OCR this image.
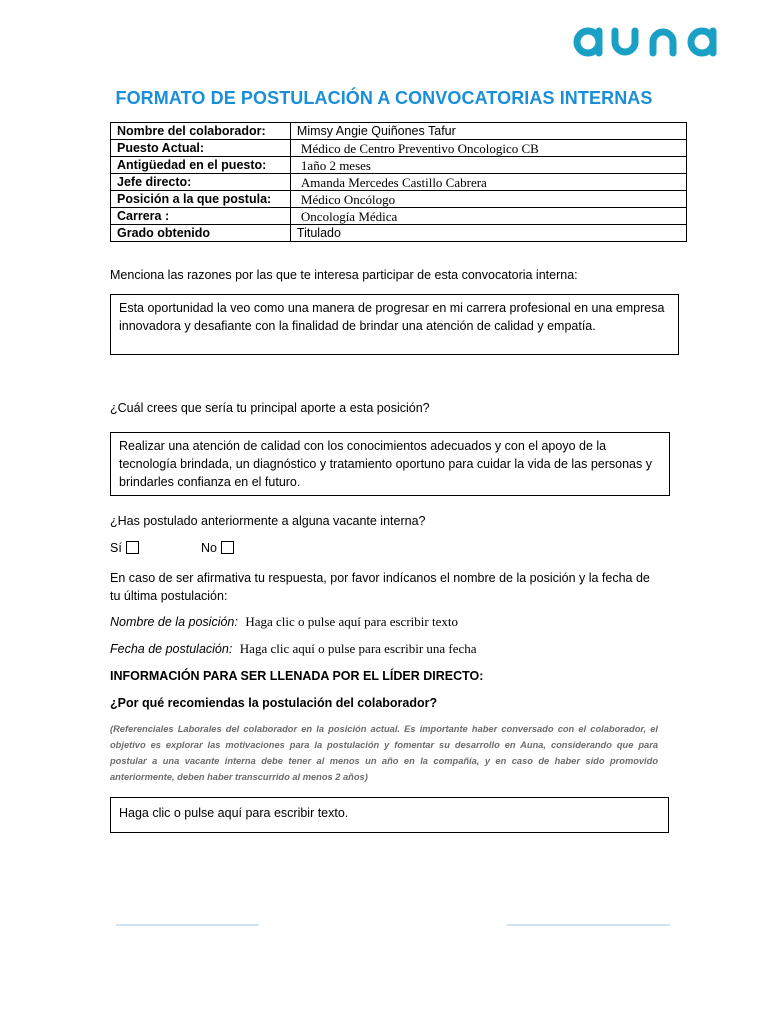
FORMATO DE POSTULACIÓN A CONVOCATORIAS INTERNAS
Nombre del colaborador:	Mimsy Angie Quiñones Tafur
Puesto Actual:	Médico de Centro Preventivo Oncologico CB
Antigüedad en el puesto:	1año 2 meses
Jefe directo:	Amanda Mercedes Castillo Cabrera
Posición a la que postula:	Médico Oncólogo
Carrera :	Oncología Médica
Grado obtenido	Titulado
Menciona las razones por las que te interesa participar de esta convocatoria interna:
Esta oportunidad la veo como una manera de progresar en mi carrera profesional en una empresa innovadora y desafiante con la finalidad de brindar una atención de calidad y empatía.
¿Cuál crees que sería tu principal aporte a esta posición?
Realizar una atención de calidad con los conocimientos adecuados y con el apoyo de la tecnología brindada, un diagnóstico y tratamiento oportuno para cuidar la vida de las personas y brindarles confianza en el futuro.
¿Has postulado anteriormente a alguna vacante interna?
Sí	No
En caso de ser afirmativa tu respuesta, por favor indícanos el nombre de la posición y la fecha de tu última postulación:
Nombre de la posición: Haga clic o pulse aquí para escribir texto
Fecha de postulación: Haga clic aquí o pulse para escribir una fecha
INFORMACIÓN PARA SER LLENADA POR EL LÍDER DIRECTO:
¿Por qué recomiendas la postulación del colaborador?
(Referenciales Laborales del colaborador en la posición actual. Es importante haber conversado con el colaborador, el objetivo es explorar las motivaciones para la postulación y fomentar su desarrollo en Auna, considerando que para postular a una vacante interna debe tener al menos un año en la compañía, y en caso de haber sido promovido anteriormente, deben haber transcurrido al menos 2 años)
Haga clic o pulse aquí para escribir texto.
